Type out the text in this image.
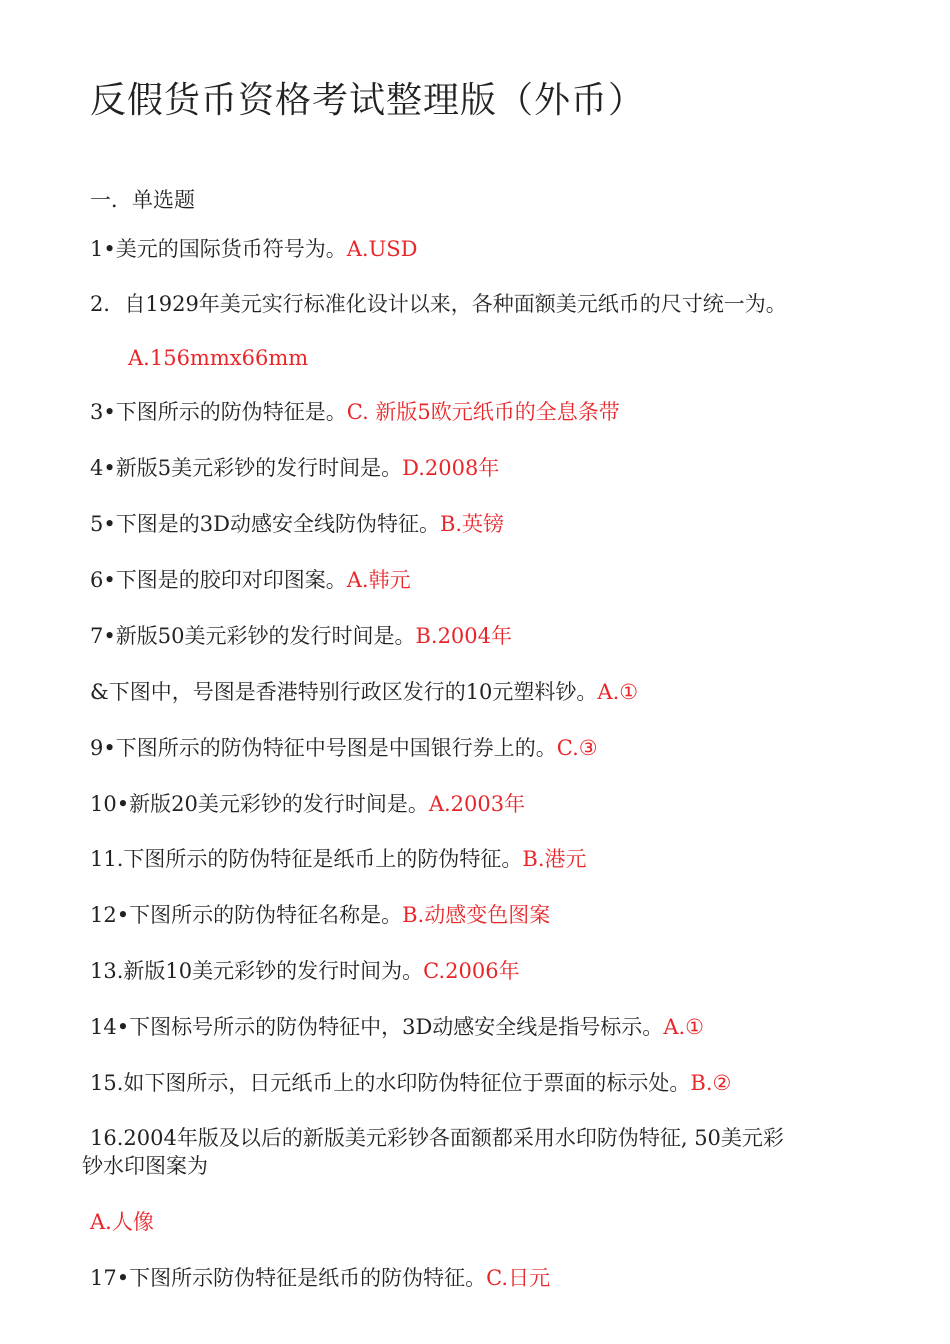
反假货币资格考试整理版（外币）
一．单选题
1•美元的国际货币符号为。A.USD
2．自1929年美元实行标准化设计以来，各种面额美元纸币的尺寸统一为。
A.156mmx66mm
3•下图所示的防伪特征是。C. 新版5欧元纸币的全息条带
4•新版5美元彩钞的发行时间是。D.2008年
5•下图是的3D动感安全线防伪特征。B.英镑
6•下图是的胶印对印图案。A.韩元
7•新版50美元彩钞的发行时间是。B.2004年
&下图中，号图是香港特别行政区发行的10元塑料钞。A.①
9•下图所示的防伪特征中号图是中国银行券上的。C.③
10•新版20美元彩钞的发行时间是。A.2003年
11.下图所示的防伪特征是纸币上的防伪特征。B.港元
12•下图所示的防伪特征名称是。B.动感变色图案
13.新版10美元彩钞的发行时间为。C.2006年
14•下图标号所示的防伪特征中，3D动感安全线是指号标示。A.①
15.如下图所示，日元纸币上的水印防伪特征位于票面的标示处。B.②
16.2004年版及以后的新版美元彩钞各面额都采用水印防伪特征, 50美元彩
钞水印图案为
A.人像
17•下图所示防伪特征是纸币的防伪特征。C.日元
